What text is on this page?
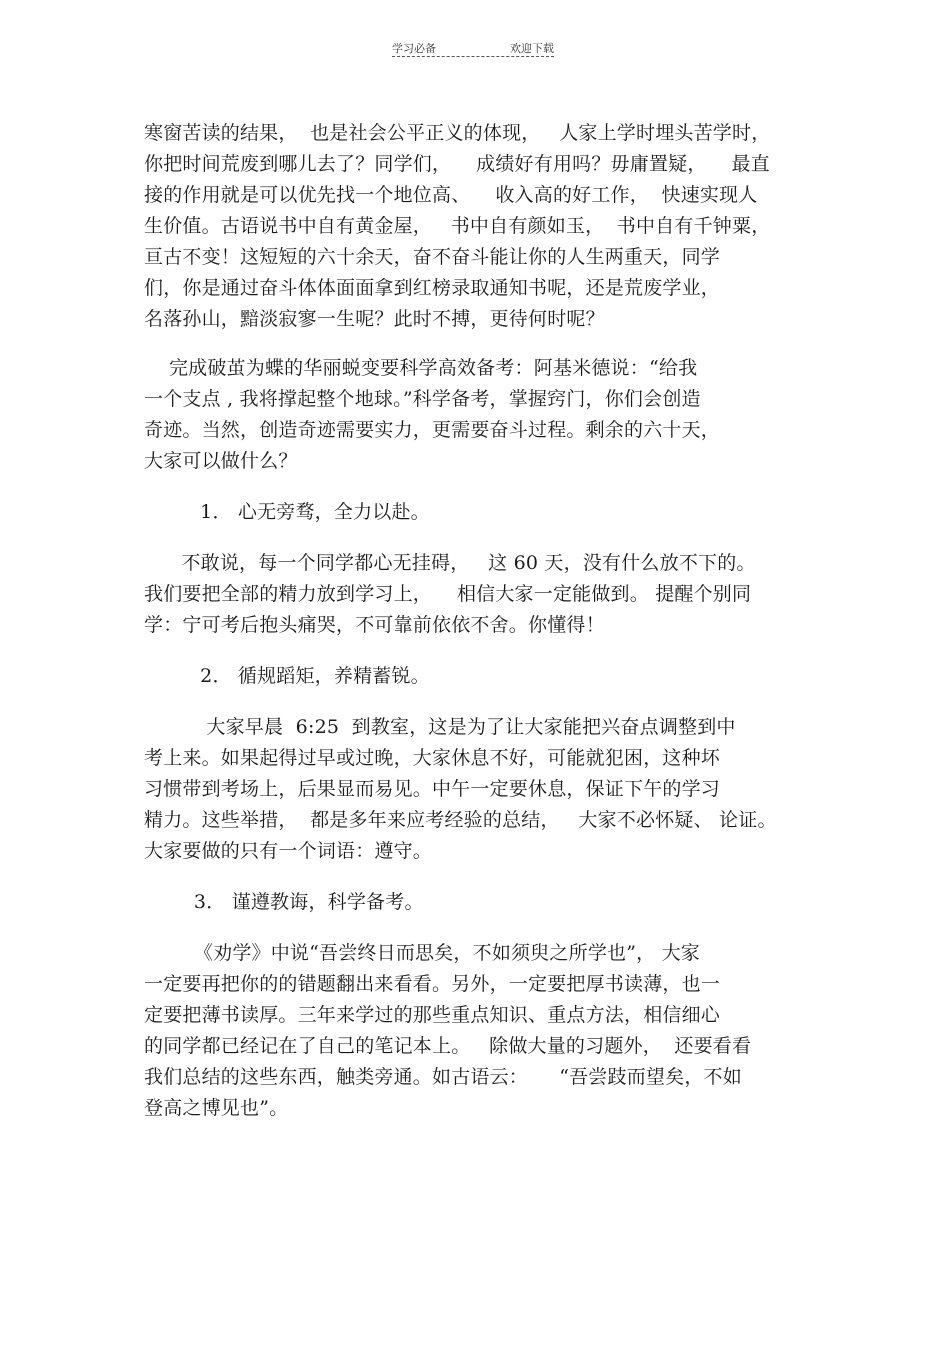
学习必备	欢迎下载
寒窗苦读的结果，  也是社会公平正义的体现，   人家上学时埋头苦学时，
你把时间荒废到哪儿去了？同学们，    成绩好有用吗？毋庸置疑，    最直
接的作用就是可以优先找一个地位高、    收入高的好工作，  快速实现人
生价值。古语说书中自有黄金屋，   书中自有颜如玉，  书中自有千钟粟，
亘古不变！这短短的六十余天，奋不奋斗能让你的人生两重天，同学
们，你是通过奋斗体体面面拿到红榜录取通知书呢，还是荒废学业，
名落孙山，黯淡寂寥一生呢？此时不搏，更待何时呢？
完成破茧为蝶的华丽蜕变要科学高效备考：阿基米德说：“给我
一个支点 , 我将撑起整个地球。”科学备考，掌握窍门，你们会创造
奇迹。当然，创造奇迹需要实力，更需要奋斗过程。剩余的六十天，
大家可以做什么？
1． 心无旁骛，全力以赴。
不敢说，每一个同学都心无挂碍，   这 60 天，没有什么放不下的。
我们要把全部的精力放到学习上，    相信大家一定能做到。 提醒个别同
学：宁可考后抱头痛哭，不可靠前依依不舍。你懂得！
2． 循规蹈矩，养精蓄锐。
大家早晨  6:25  到教室，这是为了让大家能把兴奋点调整到中
考上来。如果起得过早或过晚，大家休息不好，可能就犯困，这种坏
习惯带到考场上，后果显而易见。中午一定要休息，保证下午的学习
精力。这些举措，  都是多年来应考经验的总结，   大家不必怀疑、 论证。
大家要做的只有一个词语：遵守。
3． 谨遵教诲，科学备考。
《劝学》中说“吾尝终日而思矣，不如须臾之所学也”， 大家
一定要再把你的的错题翻出来看看。另外，一定要把厚书读薄，也一
定要把薄书读厚。三年来学过的那些重点知识、重点方法，相信细心
的同学都已经记在了自己的笔记本上。   除做大量的习题外，  还要看看
我们总结的这些东西，触类旁通。如古语云：     “吾尝跂而望矣，不如
登高之博见也”。
